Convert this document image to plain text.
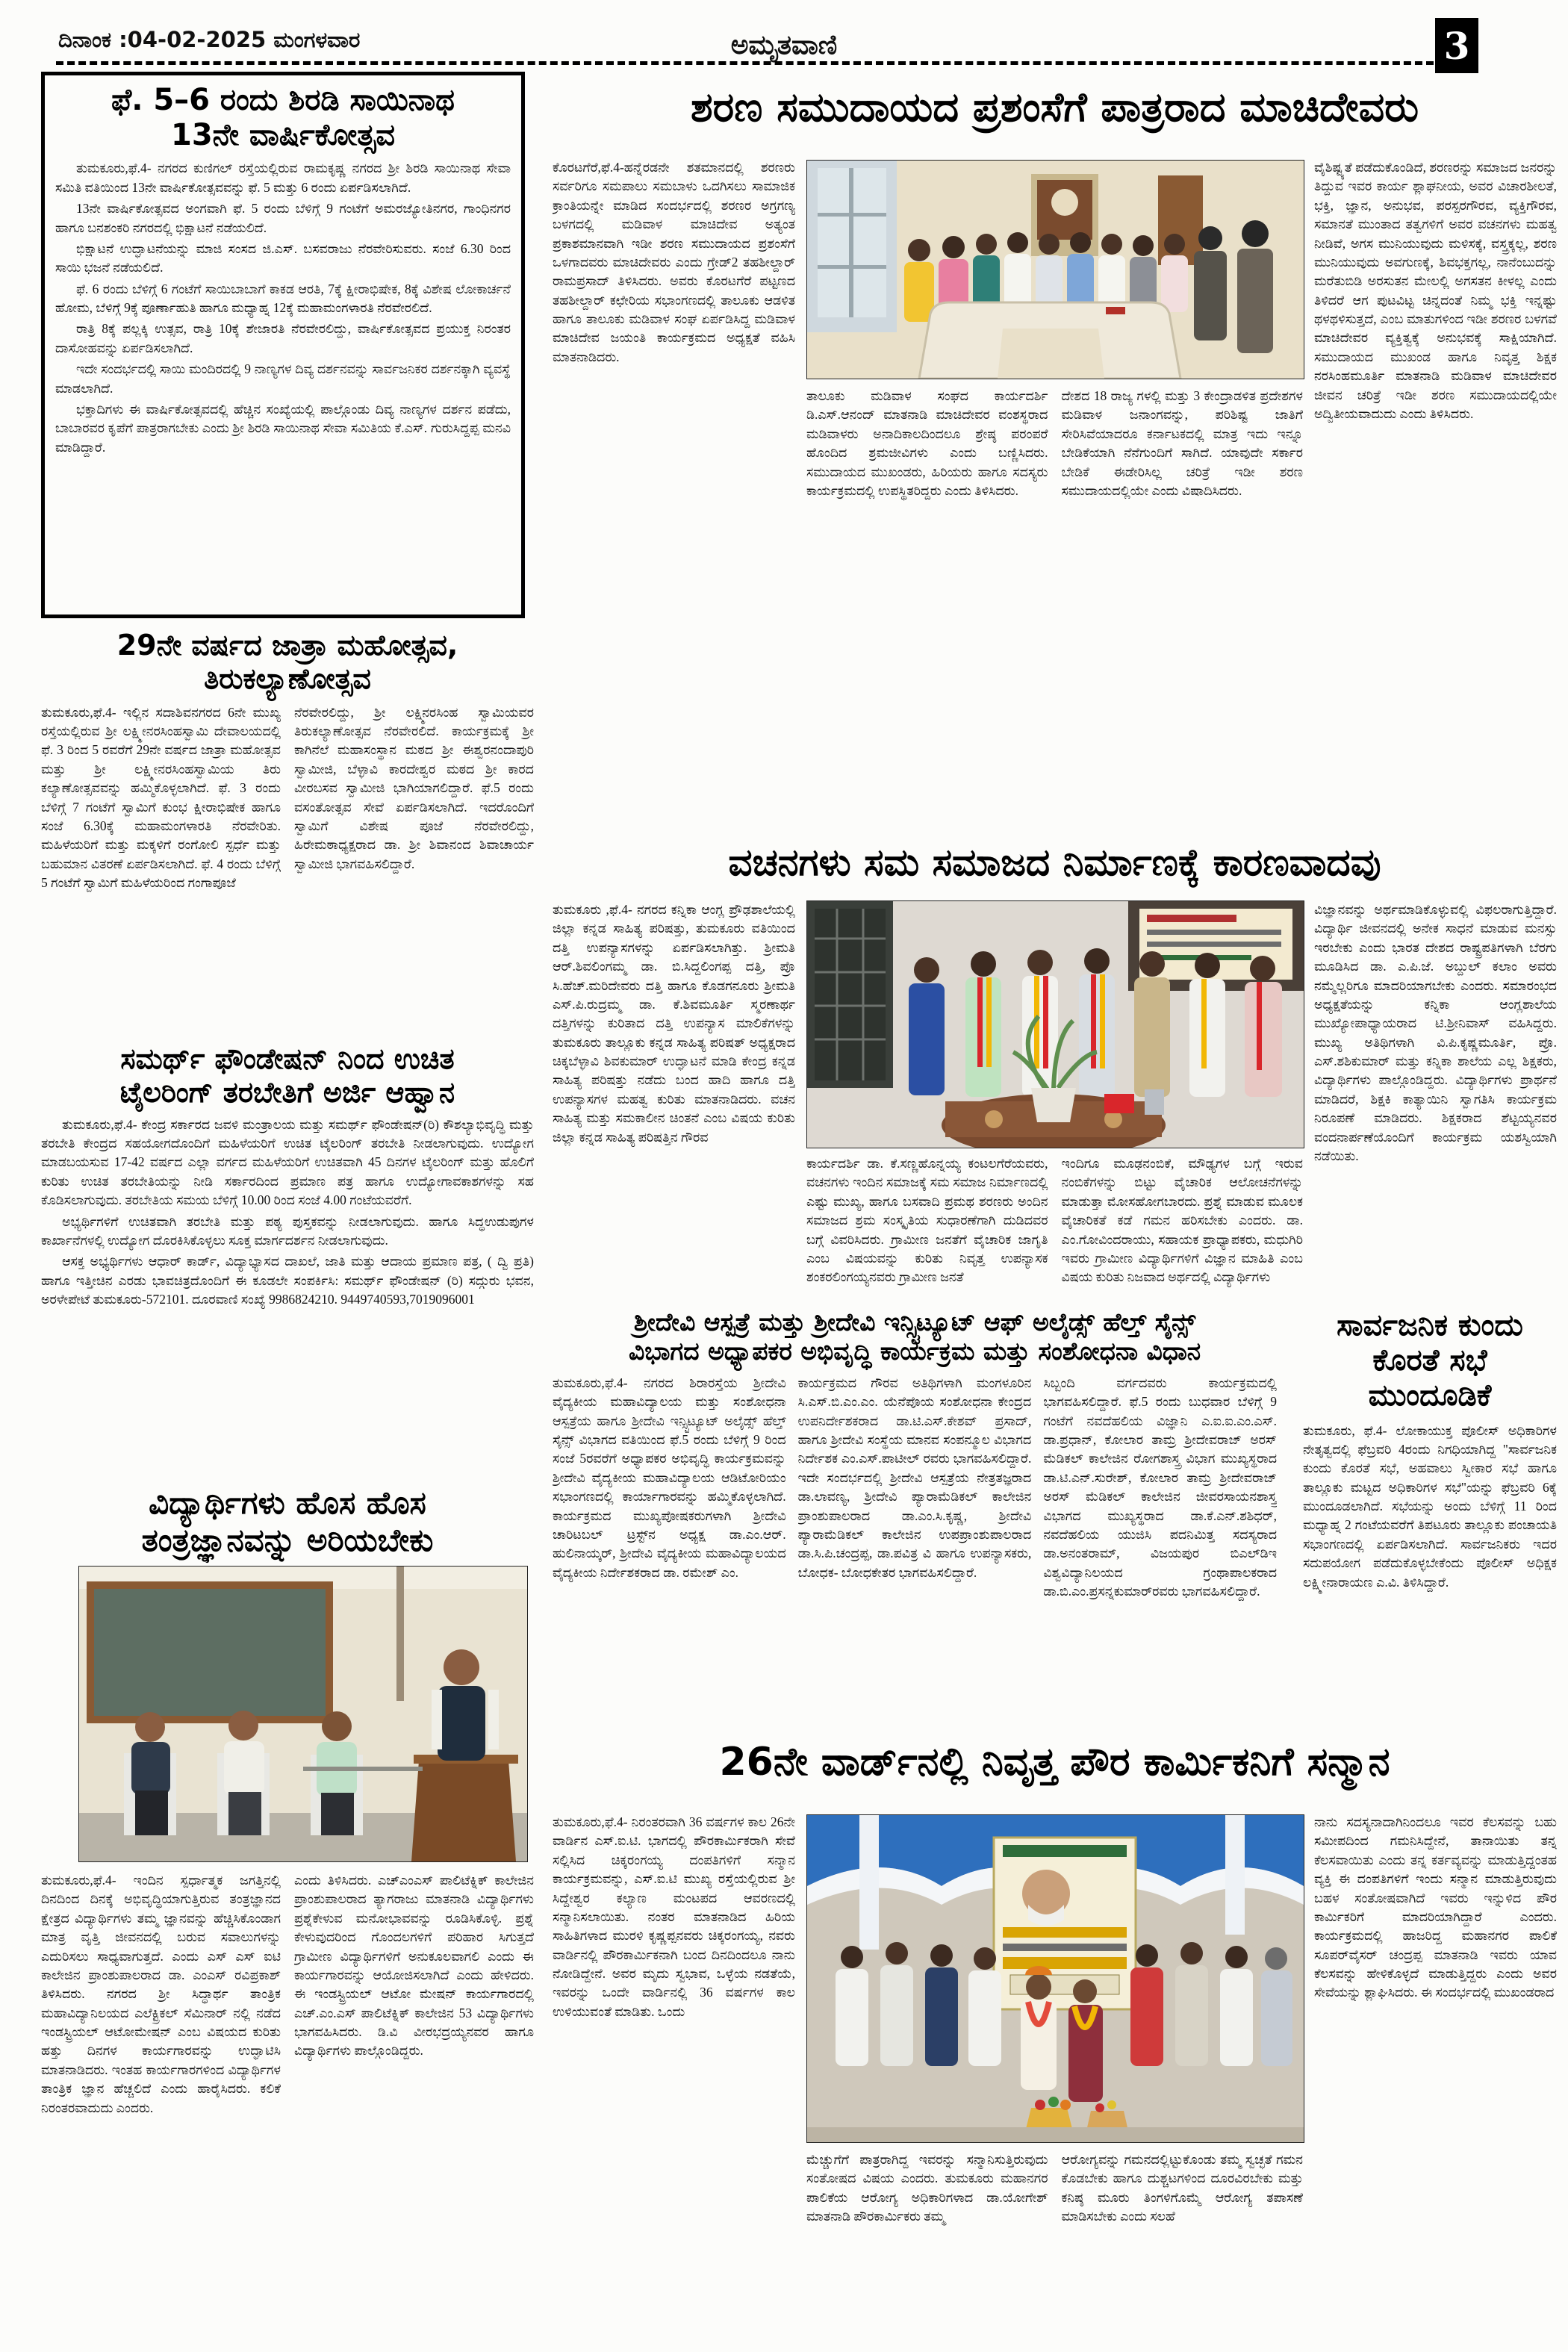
ದಿನಾಂಕ :04-02-2025 ಮಂಗಳವಾರ	ಅಮೃತವಾಣಿ	3
ಫೆ. 5–6 ರಂದು ಶಿರಡಿ ಸಾಯಿನಾಥ
13ನೇ ವಾರ್ಷಿಕೋತ್ಸವ

ತುಮಕೂರು,ಫೆ.4- ನಗರದ ಕುಣಿಗಲ್ ರಸ್ತೆಯಲ್ಲಿರುವ ರಾಮಕೃಷ್ಣ ನಗರದ ಶ್ರೀ ಶಿರಡಿ ಸಾಯಿನಾಥ ಸೇವಾ ಸಮಿತಿ ವತಿಯಿಂದ 13ನೇ ವಾರ್ಷಿಕೋತ್ಸವವನ್ನು ಫೆ. 5 ಮತ್ತು 6 ರಂದು ಏರ್ಪಡಿಸಲಾಗಿದೆ.

13ನೇ ವಾರ್ಷಿಕೋತ್ಸವದ ಅಂಗವಾಗಿ ಫೆ. 5 ರಂದು ಬೆಳಿಗ್ಗೆ 9 ಗಂಟೆಗೆ ಅಮರಜ್ಯೋತಿನಗರ, ಗಾಂಧಿನಗರ ಹಾಗೂ ಬನಶಂಕರಿ ನಗರದಲ್ಲಿ ಭಿಕ್ಷಾಟನೆ ನಡೆಯಲಿದೆ.

ಭಿಕ್ಷಾಟನೆ ಉದ್ಘಾಟನೆಯನ್ನು ಮಾಜಿ ಸಂಸದ ಜಿ.ಎಸ್. ಬಸವರಾಜು ನೆರವೇರಿಸುವರು. ಸಂಜೆ 6.30 ರಿಂದ ಸಾಯಿ ಭಜನೆ ನಡೆಯಲಿದೆ.

ಫೆ. 6 ರಂದು ಬೆಳಿಗ್ಗೆ 6 ಗಂಟೆಗೆ ಸಾಯಿಬಾಬಾಗೆ ಕಾಕಡ ಆರತಿ, 7ಕ್ಕೆ ಕ್ಷೀರಾಭಿಷೇಕ, 8ಕ್ಕೆ ವಿಶೇಷ ಲೋಕಾರ್ಚನೆ ಹೋಮ, ಬೆಳಿಗ್ಗೆ 9ಕ್ಕೆ ಪೂರ್ಣಾಹುತಿ ಹಾಗೂ ಮಧ್ಯಾಹ್ನ 12ಕ್ಕೆ ಮಹಾಮಂಗಳಾರತಿ ನೆರವೇರಲಿದೆ.

ರಾತ್ರಿ 8ಕ್ಕೆ ಪಲ್ಲಕ್ಕಿ ಉತ್ಸವ, ರಾತ್ರಿ 10ಕ್ಕೆ ಶೇಜಾರತಿ ನೆರವೇರಲಿದ್ದು, ವಾರ್ಷಿಕೋತ್ಸವದ ಪ್ರಯುಕ್ತ ನಿರಂತರ ದಾಸೋಹವನ್ನು ಏರ್ಪಡಿಸಲಾಗಿದೆ.

ಇದೇ ಸಂದರ್ಭದಲ್ಲಿ ಸಾಯಿ ಮಂದಿರದಲ್ಲಿ 9 ನಾಣ್ಯಗಳ ದಿವ್ಯ ದರ್ಶನವನ್ನು ಸಾರ್ವಜನಿಕರ ದರ್ಶನಕ್ಕಾಗಿ ವ್ಯವಸ್ಥೆ ಮಾಡಲಾಗಿದೆ.

ಭಕ್ತಾದಿಗಳು ಈ ವಾರ್ಷಿಕೋತ್ಸವದಲ್ಲಿ ಹೆಚ್ಚಿನ ಸಂಖ್ಯೆಯಲ್ಲಿ ಪಾಲ್ಗೊಂಡು ದಿವ್ಯ ನಾಣ್ಯಗಳ ದರ್ಶನ ಪಡೆದು, ಬಾಬಾರವರ ಕೃಪೆಗೆ ಪಾತ್ರರಾಗಬೇಕು ಎಂದು ಶ್ರೀ ಶಿರಡಿ ಸಾಯಿನಾಥ ಸೇವಾ ಸಮಿತಿಯ ಕೆ.ಎಸ್. ಗುರುಸಿದ್ದಪ್ಪ ಮನವಿ ಮಾಡಿದ್ದಾರೆ.

29ನೇ ವರ್ಷದ ಜಾತ್ರಾ ಮಹೋತ್ಸವ,
ತಿರುಕಲ್ಯಾಣೋತ್ಸವ
ತುಮಕೂರು,ಫೆ.4- ಇಲ್ಲಿನ ಸದಾಶಿವನಗರದ 6ನೇ ಮುಖ್ಯ ರಸ್ತೆಯಲ್ಲಿರುವ ಶ್ರೀ ಲಕ್ಷ್ಮೀನರಸಿಂಹಸ್ವಾಮಿ ದೇವಾಲಯದಲ್ಲಿ ಫೆ. 3 ರಿಂದ 5 ರವರೆಗೆ 29ನೇ ವರ್ಷದ ಜಾತ್ರಾ ಮಹೋತ್ಸವ ಮತ್ತು ಶ್ರೀ ಲಕ್ಷ್ಮೀನರಸಿಂಹಸ್ವಾಮಿಯ ತಿರು ಕಲ್ಯಾಣೋತ್ಸವವನ್ನು ಹಮ್ಮಿಕೊಳ್ಳಲಾಗಿದೆ. ಫೆ. 3 ರಂದು ಬೆಳಿಗ್ಗೆ 7 ಗಂಟೆಗೆ ಸ್ವಾಮಿಗೆ ಕುಂಭ ಕ್ಷೀರಾಭಿಷೇಕ ಹಾಗೂ ಸಂಜೆ 6.30ಕ್ಕೆ ಮಹಾಮಂಗಳಾರತಿ ನೆರವೇರಿತು. ಮಹಿಳೆಯರಿಗೆ ಮತ್ತು ಮಕ್ಕಳಿಗೆ ರಂಗೋಲಿ ಸ್ಪರ್ಧೆ ಮತ್ತು ಬಹುಮಾನ ವಿತರಣೆ ಏರ್ಪಡಿಸಲಾಗಿದೆ. ಫೆ. 4 ರಂದು ಬೆಳಿಗ್ಗೆ 5 ಗಂಟೆಗೆ ಸ್ವಾಮಿಗೆ ಮಹಿಳೆಯರಿಂದ ಗಂಗಾಪೂಜೆ
ನೆರವೇರಲಿದ್ದು, ಶ್ರೀ ಲಕ್ಷ್ಮಿನರಸಿಂಹ ಸ್ವಾಮಿಯವರ ತಿರುಕಲ್ಯಾಣೋತ್ಸವ ನೆರವೇರಲಿದೆ. ಕಾರ್ಯಕ್ರಮಕ್ಕೆ ಶ್ರೀ ಕಾಗಿನೆಲೆ ಮಹಾಸಂಸ್ಥಾನ ಮಠದ ಶ್ರೀ ಈಶ್ವರನಂದಾಪುರಿ ಸ್ವಾಮೀಜಿ, ಬೆಳ್ಳಾವಿ ಕಾರದೇಶ್ವರ ಮಠದ ಶ್ರೀ ಕಾರದ ವೀರಬಸವ ಸ್ವಾಮೀಜಿ ಭಾಗಿಯಾಗಲಿದ್ದಾರೆ. ಫೆ.5 ರಂದು ವಸಂತೋತ್ಸವ ಸೇವೆ ಏರ್ಪಡಿಸಲಾಗಿದೆ. ಇದರೊಂದಿಗೆ ಸ್ವಾಮಿಗೆ ವಿಶೇಷ ಪೂಜೆ ನೆರವೇರಲಿದ್ದು, ಹಿರೇಮಠಾಧ್ಯಕ್ಷರಾದ ಡಾ. ಶ್ರೀ ಶಿವಾನಂದ ಶಿವಾಚಾರ್ಯ ಸ್ವಾಮೀಜಿ ಭಾಗವಹಿಸಲಿದ್ದಾರೆ.
ಸಮರ್ಥ್ ಫೌಂಡೇಷನ್ ನಿಂದ ಉಚಿತ
ಟೈಲರಿಂಗ್ ತರಬೇತಿಗೆ ಅರ್ಜಿ ಆಹ್ವಾನ

ತುಮಕೂರು,ಫೆ.4- ಕೇಂದ್ರ ಸರ್ಕಾರದ ಜವಳಿ ಮಂತ್ರಾಲಯ ಮತ್ತು ಸಮರ್ಥ್ ಫೌಂಡೇಷನ್(ರಿ) ಕೌಶಲ್ಯಾಭಿವೃದ್ಧಿ ಮತ್ತು ತರಬೇತಿ ಕೇಂದ್ರದ ಸಹಯೋಗದೊಂದಿಗೆ ಮಹಿಳೆಯರಿಗೆ ಉಚಿತ ಟೈಲರಿಂಗ್ ತರಬೇತಿ ನೀಡಲಾಗುವುದು. ಉದ್ಯೋಗ ಮಾಡಬಯಸುವ 17-42 ವರ್ಷದ ಎಲ್ಲಾ ವರ್ಗದ ಮಹಿಳೆಯರಿಗೆ ಉಚಿತವಾಗಿ 45 ದಿನಗಳ ಟೈಲರಿಂಗ್ ಮತ್ತು ಹೊಲಿಗೆ ಕುರಿತು ಉಚಿತ ತರಬೇತಿಯನ್ನು ನೀಡಿ ಸರ್ಕಾರದಿಂದ ಪ್ರಮಾಣ ಪತ್ರ ಹಾಗೂ ಉದ್ಯೋಗಾವಕಾಶಗಳನ್ನು ಸಹ ಕೊಡಿಸಲಾಗುವುದು. ತರಬೇತಿಯ ಸಮಯ ಬೆಳಿಗ್ಗೆ 10.00 ರಿಂದ ಸಂಜೆ 4.00 ಗಂಟೆಯವರೆಗೆ.

ಅಭ್ಯರ್ಥಿಗಳಿಗೆ ಉಚಿತವಾಗಿ ತರಬೇತಿ ಮತ್ತು ಪಠ್ಯ ಪುಸ್ತಕವನ್ನು ನೀಡಲಾಗುವುದು. ಹಾಗೂ ಸಿದ್ಧಉಡುಪುಗಳ ಕಾರ್ಖಾನೆಗಳಲ್ಲಿ ಉದ್ಯೋಗ ದೊರಕಿಸಿಕೊಳ್ಳಲು ಸೂಕ್ತ ಮಾರ್ಗದರ್ಶನ ನೀಡಲಾಗುವುದು.

ಆಸಕ್ತ ಅಭ್ಯರ್ಥಿಗಳು ಆಧಾರ್ ಕಾರ್ಡ್, ವಿದ್ಯಾಭ್ಯಾಸದ ದಾಖಲೆ, ಜಾತಿ ಮತ್ತು ಆದಾಯ ಪ್ರಮಾಣ ಪತ್ರ, ( ದ್ವಿ ಪ್ರತಿ) ಹಾಗೂ ಇತ್ತೀಚಿನ ಎರಡು ಭಾವಚಿತ್ರದೊಂದಿಗೆ ಈ ಕೂಡಲೇ ಸಂಪರ್ಕಿಸಿ: ಸಮರ್ಥ್ ಫೌಂಡೇಷನ್ (ರಿ) ಸದ್ಗುರು ಭವನ, ಅರಳೇಪೇಟೆ ತುಮಕೂರು-572101. ದೂರವಾಣಿ ಸಂಖ್ಯೆ 9986824210. 9449740593,7019096001

ವಿದ್ಯಾರ್ಥಿಗಳು ಹೊಸ ಹೊಸ
ತಂತ್ರಜ್ಞಾನವನ್ನು ಅರಿಯಬೇಕು
ತುಮಕೂರು,ಫೆ.4- ಇಂದಿನ ಸ್ಪರ್ಧಾತ್ಮಕ ಜಗತ್ತಿನಲ್ಲಿ ದಿನದಿಂದ ದಿನಕ್ಕೆ ಅಭಿವೃದ್ಧಿಯಾಗುತ್ತಿರುವ ತಂತ್ರಜ್ಞಾನದ ಕ್ಷೇತ್ರದ ವಿದ್ಯಾರ್ಥಿಗಳು ತಮ್ಮ ಜ್ಞಾನವನ್ನು ಹೆಚ್ಚಿಸಿಕೊಂಡಾಗ ಮಾತ್ರ ವೃತ್ತಿ ಜೀವನದಲ್ಲಿ ಬರುವ ಸವಾಲುಗಳನ್ನು ಎದುರಿಸಲು ಸಾಧ್ಯವಾಗುತ್ತದೆ. ಎಂದು ಎಸ್ ಎಸ್ ಐಟಿ ಕಾಲೇಜಿನ ಪ್ರಾಂಶುಪಾಲರಾದ ಡಾ. ಎಂಎಸ್ ರವಿಪ್ರಕಾಶ್ ತಿಳಿಸಿದರು. ನಗರದ ಶ್ರೀ ಸಿದ್ಧಾರ್ಥ ತಾಂತ್ರಿಕ ಮಹಾವಿದ್ಯಾನಿಲಯದ ಎಲೆಕ್ಟ್ರಿಕಲ್ ಸೆಮಿನಾರ್ ನಲ್ಲಿ ನಡೆದ ಇಂಡಸ್ಟ್ರಿಯಲ್ ಆಟೋಮೇಷನ್ ಎಂಬ ವಿಷಯದ ಕುರಿತು ಹತ್ತು ದಿನಗಳ ಕಾರ್ಯಗಾರವನ್ನು ಉದ್ಘಾಟಿಸಿ ಮಾತನಾಡಿದರು. ಇಂತಹ ಕಾರ್ಯಗಾರಗಳಿಂದ ವಿದ್ಯಾರ್ಥಿಗಳ ತಾಂತ್ರಿಕ ಜ್ಞಾನ ಹೆಚ್ಚಲಿದೆ ಎಂದು ಹಾರೈಸಿದರು. ಕಲಿಕೆ ನಿರಂತರವಾದುದು ಎಂದರು.
ಎಂದು ತಿಳಿಸಿದರು. ಎಚ್‌ಎಂಎಸ್ ಪಾಲಿಟೆಕ್ನಿಕ್ ಕಾಲೇಜಿನ ಪ್ರಾಂಶುಪಾಲರಾದ ತ್ಯಾಗರಾಜು ಮಾತನಾಡಿ ವಿದ್ಯಾರ್ಥಿಗಳು ಪ್ರಶ್ನೆಕೇಳುವ ಮನೋಭಾವವನ್ನು ರೂಡಿಸಿಕೊಳ್ಳಿ. ಪ್ರಶ್ನೆ ಕೇಳುವುದರಿಂದ ಗೊಂದಲಗಳಿಗೆ ಪರಿಹಾರ ಸಿಗುತ್ತದೆ ಗ್ರಾಮೀಣ ವಿದ್ಯಾರ್ಥಿಗಳಿಗೆ ಅನುಕೂಲವಾಗಲಿ ಎಂದು ಈ ಕಾರ್ಯಗಾರವನ್ನು ಆಯೋಜಿಸಲಾಗಿದೆ ಎಂದು ಹೇಳಿದರು. ಈ ಇಂಡಸ್ಟ್ರಿಯಲ್ ಆಟೋ ಮೇಷನ್ ಕಾರ್ಯಗಾರದಲ್ಲಿ ಎಚ್.ಎಂ.ಎಸ್ ಪಾಲಿಟೆಕ್ನಿಕ್ ಕಾಲೇಜಿನ 53 ವಿದ್ಯಾರ್ಥಿಗಳು ಭಾಗವಹಿಸಿದರು. ಡಿ.ವಿ ವೀರಭದ್ರಯ್ಯನವರ ಹಾಗೂ ವಿದ್ಯಾರ್ಥಿಗಳು ಪಾಲ್ಗೊಂಡಿದ್ದರು.
ಶರಣ ಸಮುದಾಯದ ಪ್ರಶಂಸೆಗೆ ಪಾತ್ರರಾದ ಮಾಚಿದೇವರು
ಕೊರಟಗೆರೆ,ಫೆ.4-ಹನ್ನೆರಡನೇ ಶತಮಾನದಲ್ಲಿ ಶರಣರು ಸರ್ವರಿಗೂ ಸಮಪಾಲು ಸಮಬಾಳು ಒದಗಿಸಲು ಸಾಮಾಜಿಕ ಕ್ರಾಂತಿಯನ್ನೇ ಮಾಡಿದ ಸಂದರ್ಭದಲ್ಲಿ ಶರಣರ ಅಗ್ರಗಣ್ಯ ಬಳಗದಲ್ಲಿ ಮಡಿವಾಳ ಮಾಚಿದೇವ ಅತ್ಯಂತ ಪ್ರಕಾಶಮಾನವಾಗಿ ಇಡೀ ಶರಣ ಸಮುದಾಯದ ಪ್ರಶಂಸೆಗೆ ಒಳಗಾದವರು ಮಾಚಿದೇವರು ಎಂದು ಗ್ರೇಡ್2 ತಹಶೀಲ್ದಾರ್ ರಾಮಪ್ರಸಾದ್ ತಿಳಿಸಿದರು. ಅವರು ಕೊರಟಗೆರೆ ಪಟ್ಟಣದ ತಹಶೀಲ್ದಾರ್ ಕಛೇರಿಯ ಸಭಾಂಗಣದಲ್ಲಿ ತಾಲೂಕು ಆಡಳಿತ ಹಾಗೂ ತಾಲೂಕು ಮಡಿವಾಳ ಸಂಘ ಏರ್ಪಡಿಸಿದ್ದ ಮಡಿವಾಳ ಮಾಚಿದೇವ ಜಯಂತಿ ಕಾರ್ಯಕ್ರಮದ ಅಧ್ಯಕ್ಷತೆ ವಹಿಸಿ ಮಾತನಾಡಿದರು.
ತಾಲೂಕು ಮಡಿವಾಳ ಸಂಘದ ಕಾರ್ಯದರ್ಶಿ ಡಿ.ಎಸ್.ಆನಂದ್ ಮಾತನಾಡಿ ಮಾಚಿದೇವರ ವಂಶಸ್ಥರಾದ ಮಡಿವಾಳರು ಅನಾದಿಕಾಲದಿಂದಲೂ ಶ್ರೇಷ್ಠ ಪರಂಪರೆ ಹೊಂದಿದ ಶ್ರಮಜೀವಿಗಳು ಎಂದು ಬಣ್ಣಿಸಿದರು. ಸಮುದಾಯದ ಮುಖಂಡರು, ಹಿರಿಯರು ಹಾಗೂ ಸದಸ್ಯರು ಕಾರ್ಯಕ್ರಮದಲ್ಲಿ ಉಪಸ್ಥಿತರಿದ್ದರು ಎಂದು ತಿಳಿಸಿದರು.
ದೇಶದ 18 ರಾಜ್ಯ ಗಳಲ್ಲಿ ಮತ್ತು 3 ಕೇಂದ್ರಾಡಳಿತ ಪ್ರದೇಶಗಳ ಮಡಿವಾಳ ಜನಾಂಗವನ್ನು, ಪರಿಶಿಷ್ಟ ಜಾತಿಗೆ ಸೇರಿಸಿವೆಯಾದರೂ ಕರ್ನಾಟಕದಲ್ಲಿ ಮಾತ್ರ ಇದು ಇನ್ನೂ ಬೇಡಿಕೆಯಾಗಿ ನೆನೆಗುಂದಿಗೆ ಸಾಗಿದೆ. ಯಾವುದೇ ಸರ್ಕಾರ ಬೇಡಿಕೆ ಈಡೇರಿಸಿಲ್ಲ ಚರಿತ್ರೆ ಇಡೀ ಶರಣ ಸಮುದಾಯದಲ್ಲಿಯೇ ಎಂದು ವಿಷಾದಿಸಿದರು.
ವೈಶಿಷ್ಟ್ಯತೆ ಪಡೆದುಕೊಂಡಿದೆ, ಶರಣರನ್ನು ಸಮಾಜದ ಜನರನ್ನು ತಿದ್ದುವ ಇವರ ಕಾರ್ಯ ಶ್ಲಾಘನೀಯ, ಅವರ ವಿಚಾರಶೀಲತೆ, ಭಕ್ತಿ, ಜ್ಞಾನ, ಅನುಭವ, ಪರಸ್ಪರಗೌರವ, ವ್ಯಕ್ತಿಗೌರವ, ಸಮಾನತೆ ಮುಂತಾದ ತತ್ವಗಳಿಗೆ ಅವರ ವಚನಗಳು ಮಹತ್ವ ನೀಡಿವೆ, ಅಗಸ ಮುನಿಯುವುದು ಮಳಿಸಕ್ಕೆ, ವಸ್ತ್ರಕ್ಕಲ್ಲ, ಶರಣ ಮುನಿಯುವುದು ಅವಗುಣಕ್ಕೆ, ಶಿವಭಕ್ತಗಲ್ಲ, ನಾನೆಂಬುದನ್ನು ಮರೆತುಬಿಡಿ ಅರಸುತನ ಮೇಲಲ್ಲಿ ಅಗಸತನ ಕೀಳಲ್ಲ ಎಂದು ತಿಳಿದರೆ ಆಗ ಪುಟವಿಟ್ಟ ಚಿನ್ನದಂತೆ ನಿಮ್ಮ ಭಕ್ತಿ ಇನ್ನಷ್ಟು ಥಳಥಳಿಸುತ್ತದೆ, ಎಂಬ ಮಾತುಗಳಿಂದ ಇಡೀ ಶರಣರ ಬಳಗವೆ ಮಾಚಿದೇವರ ವ್ಯಕ್ತಿತ್ವಕ್ಕೆ ಅನುಭವಕ್ಕೆ ಸಾಕ್ಷಿಯಾಗಿದೆ. ಸಮುದಾಯದ ಮುಖಂಡ ಹಾಗೂ ನಿವೃತ್ತ ಶಿಕ್ಷಕ ನರಸಿಂಹಮೂರ್ತಿ ಮಾತನಾಡಿ ಮಡಿವಾಳ ಮಾಚಿದೇವರ ಜೀವನ ಚರಿತ್ರೆ ಇಡೀ ಶರಣ ಸಮುದಾಯದಲ್ಲಿಯೇ ಅದ್ವಿತೀಯವಾದುದು ಎಂದು ತಿಳಿಸಿದರು.
ವಚನಗಳು ಸಮ ಸಮಾಜದ ನಿರ್ಮಾಣಕ್ಕೆ ಕಾರಣವಾದವು
ತುಮಕೂರು ,ಫೆ.4- ನಗರದ ಕನ್ನಿಕಾ ಆಂಗ್ಲ ಪ್ರೌಢಶಾಲೆಯಲ್ಲಿ ಜಿಲ್ಲಾ ಕನ್ನಡ ಸಾಹಿತ್ಯ ಪರಿಷತ್ತು, ತುಮಕೂರು ವತಿಯಿಂದ ದತ್ತಿ ಉಪನ್ಯಾಸಗಳನ್ನು ಏರ್ಪಡಿಸಲಾಗಿತ್ತು. ಶ್ರೀಮತಿ ಆರ್.ಶಿವಲಿಂಗಮ್ಮ ಡಾ. ಬಿ.ಸಿದ್ದಲಿಂಗಪ್ಪ ದತ್ತಿ, ಪ್ರೊ ಸಿ.ಹೆಚ್.ಮರಿದೇವರು ದತ್ತಿ ಹಾಗೂ ಕೊಡಗನೂರು ಶ್ರೀಮತಿ ಎಸ್.ಪಿ.ರುದ್ರಮ್ಮ ಡಾ. ಕೆ.ಶಿವಮೂರ್ತಿ ಸ್ಮರಣಾರ್ಥ ದತ್ತಿಗಳನ್ನು ಕುರಿತಾದ ದತ್ತಿ ಉಪನ್ಯಾಸ ಮಾಲಿಕೆಗಳನ್ನು ತುಮಕೂರು ತಾಲ್ಲೂಕು ಕನ್ನಡ ಸಾಹಿತ್ಯ ಪರಿಷತ್ ಅಧ್ಯಕ್ಷರಾದ ಚಿಕ್ಕಬೆಳ್ಳಾವಿ ಶಿವಕುಮಾರ್ ಉದ್ಘಾಟನೆ ಮಾಡಿ ಕೇಂದ್ರ ಕನ್ನಡ ಸಾಹಿತ್ಯ ಪರಿಷತ್ತು ನಡೆದು ಬಂದ ಹಾದಿ ಹಾಗೂ ದತ್ತಿ ಉಪನ್ಯಾಸಗಳ ಮಹತ್ವ ಕುರಿತು ಮಾತನಾಡಿದರು. ವಚನ ಸಾಹಿತ್ಯ ಮತ್ತು ಸಮಕಾಲೀನ ಚಿಂತನೆ ಎಂಬ ವಿಷಯ ಕುರಿತು ಜಿಲ್ಲಾ ಕನ್ನಡ ಸಾಹಿತ್ಯ ಪರಿಷತ್ತಿನ ಗೌರವ
ಕಾರ್ಯದರ್ಶಿ ಡಾ. ಕೆ.ಸಣ್ಣಹೊನ್ನಯ್ಯ ಕಂಟಲಗೆರೆಯವರು, ವಚನಗಳು ಇಂದಿನ ಸಮಾಜಕ್ಕೆ ಸಮ ಸಮಾಜ ನಿರ್ಮಾಣದಲ್ಲಿ ಎಷ್ಟು ಮುಖ್ಯ, ಹಾಗೂ ಬಸವಾದಿ ಪ್ರಮಥ ಶರಣರು ಅಂದಿನ ಸಮಾಜದ ಶ್ರಮ ಸಂಸ್ಕೃತಿಯ ಸುಧಾರಣೆಗಾಗಿ ದುಡಿದವರ ಬಗ್ಗೆ ವಿವರಿಸಿದರು. ಗ್ರಾಮೀಣ ಜನತೆಗೆ ವೈಚಾರಿಕ ಜಾಗೃತಿ ಎಂಬ ವಿಷಯವನ್ನು ಕುರಿತು ನಿವೃತ್ತ ಉಪನ್ಯಾಸಕ ಶಂಕರಲಿಂಗಯ್ಯನವರು ಗ್ರಾಮೀಣ ಜನತೆ
ಇಂದಿಗೂ ಮೂಢನಂಬಿಕೆ, ಮೌಢ್ಯಗಳ ಬಗ್ಗೆ ಇರುವ ನಂಬಿಕೆಗಳನ್ನು ಬಿಟ್ಟು ವೈಚಾರಿಕ ಆಲೋಚನೆಗಳನ್ನು ಮಾಡುತ್ತಾ ಮೋಸಹೋಗಬಾರದು. ಪ್ರಶ್ನೆ ಮಾಡುವ ಮೂಲಕ ವೈಚಾರಿಕತೆ ಕಡೆ ಗಮನ ಹರಿಸಬೇಕು ಎಂದರು. ಡಾ. ಎಂ.ಗೋವಿಂದರಾಯು, ಸಹಾಯಕ ಪ್ರಾಧ್ಯಾಪಕರು, ಮಧುಗಿರಿ ಇವರು ಗ್ರಾಮೀಣ ವಿದ್ಯಾರ್ಥಿಗಳಿಗೆ ವಿಜ್ಞಾನ ಮಾಹಿತಿ ಎಂಬ ವಿಷಯ ಕುರಿತು ನಿಜವಾದ ಅರ್ಥದಲ್ಲಿ ವಿದ್ಯಾರ್ಥಿಗಳು
ವಿಜ್ಞಾನವನ್ನು ಅರ್ಥಮಾಡಿಕೊಳ್ಳುವಲ್ಲಿ ವಿಫಲರಾಗುತ್ತಿದ್ದಾರೆ. ವಿದ್ಯಾರ್ಥಿ ಜೀವನದಲ್ಲಿ ಅನೇಕ ಸಾಧನೆ ಮಾಡುವ ಮನಸ್ಸು ಇರಬೇಕು ಎಂದು ಭಾರತ ದೇಶದ ರಾಷ್ಟ್ರಪತಿಗಳಾಗಿ ಬೆರಗು ಮೂಡಿಸಿದ ಡಾ. ಎ.ಪಿ.ಜೆ. ಅಬ್ದುಲ್ ಕಲಾಂ ಅವರು ನಮ್ಮೆಲ್ಲರಿಗೂ ಮಾದರಿಯಾಗಬೇಕು ಎಂದರು. ಸಮಾರಂಭದ ಅಧ್ಯಕ್ಷತೆಯನ್ನು ಕನ್ನಿಕಾ ಆಂಗ್ಲಶಾಲೆಯ ಮುಖ್ಯೋಪಾಧ್ಯಾಯರಾದ ಟಿ.ಶ್ರೀನಿವಾಸ್ ವಹಿಸಿದ್ದರು. ಮುಖ್ಯ ಅತಿಥಿಗಳಾಗಿ ವಿ.ಪಿ.ಕೃಷ್ಣಮೂರ್ತಿ, ಪ್ರೊ. ಎಸ್.ಶಶಿಕುಮಾರ್ ಮತ್ತು ಕನ್ನಿಕಾ ಶಾಲೆಯ ಎಲ್ಲ ಶಿಕ್ಷಕರು, ವಿದ್ಯಾರ್ಥಿಗಳು ಪಾಲ್ಗೊಂಡಿದ್ದರು. ವಿದ್ಯಾರ್ಥಿಗಳು ಪ್ರಾರ್ಥನೆ ಮಾಡಿದರೆ, ಶಿಕ್ಷಕಿ ಕಾತ್ಯಾಯಿನಿ ಸ್ವಾಗತಿಸಿ ಕಾರ್ಯಕ್ರಮ ನಿರೂಪಣೆ ಮಾಡಿದರು. ಶಿಕ್ಷಕರಾದ ಶೆಟ್ಟಯ್ಯನವರ ವಂದನಾರ್ಪಣೆಯೊಂದಿಗೆ ಕಾರ್ಯಕ್ರಮ ಯಶಸ್ವಿಯಾಗಿ ನಡೆಯಿತು.
ಶ್ರೀದೇವಿ ಆಸ್ಪತ್ರೆ ಮತ್ತು ಶ್ರೀದೇವಿ ಇನ್ಸ್ಟಿಟ್ಯೂಟ್ ಆಫ್ ಅಲೈಡ್ಸ್ ಹೆಲ್ತ್ ಸೈನ್ಸ್
ವಿಭಾಗದ ಅಧ್ಯಾಪಕರ ಅಭಿವೃದ್ಧಿ ಕಾರ್ಯಕ್ರಮ ಮತ್ತು ಸಂಶೋಧನಾ ವಿಧಾನ
ತುಮಕೂರು,ಫೆ.4- ನಗರದ ಶಿರಾರಸ್ತೆಯ ಶ್ರೀದೇವಿ ವೈದ್ಯಕೀಯ ಮಹಾವಿದ್ಯಾಲಯ ಮತ್ತು ಸಂಶೋಧನಾ ಆಸ್ಪತ್ರೆಯ ಹಾಗೂ ಶ್ರೀದೇವಿ ಇನ್ಸ್ಟಿಟ್ಯೂಟ್ ಅಲೈಡ್ಸ್ ಹೆಲ್ತ್ ಸೈನ್ಸ್ ವಿಭಾಗದ ವತಿಯಿಂದ ಫೆ.5 ರಂದು ಬೆಳಿಗ್ಗೆ 9 ರಿಂದ ಸಂಜೆ 5ರವರೆಗೆ ಅಧ್ಯಾಪಕರ ಅಭಿವೃದ್ಧಿ ಕಾರ್ಯಕ್ರಮವನ್ನು ಶ್ರೀದೇವಿ ವೈದ್ಯಕೀಯ ಮಹಾವಿದ್ಯಾಲಯ ಆಡಿಟೋರಿಯಂ ಸಭಾಂಗಣದಲ್ಲಿ ಕಾರ್ಯಾಗಾರವನ್ನು ಹಮ್ಮಿಕೊಳ್ಳಲಾಗಿದೆ. ಕಾರ್ಯಕ್ರಮದ ಮುಖ್ಯಪೋಷಕರುಗಳಾಗಿ ಶ್ರೀದೇವಿ ಚಾರಿಟಬಲ್ ಟ್ರಸ್ಟ್‌ನ ಅಧ್ಯಕ್ಷ ಡಾ.ಎಂ.ಆರ್. ಹುಲಿನಾಯ್ಕರ್, ಶ್ರೀದೇವಿ ವೈದ್ಯಕೀಯ ಮಹಾವಿದ್ಯಾಲಯದ ವೈದ್ಯಕೀಯ ನಿರ್ದೇಶಕರಾದ ಡಾ. ರಮೇಶ್ ಎಂ.
ಕಾರ್ಯಕ್ರಮದ ಗೌರವ ಅತಿಥಿಗಳಾಗಿ ಮಂಗಳೂರಿನ ಸಿ.ಎಸ್.ಬಿ.ಎಂ.ಎಂ. ಯೆನೆಪೊಯ ಸಂಶೋಧನಾ ಕೇಂದ್ರದ ಉಪನಿರ್ದೇಶಕರಾದ ಡಾ.ಟಿ.ಎಸ್.ಕೇಶವ್ ಪ್ರಸಾದ್, ಹಾಗೂ ಶ್ರೀದೇವಿ ಸಂಸ್ಥೆಯ ಮಾನವ ಸಂಪನ್ಮೂಲ ವಿಭಾಗದ ನಿರ್ದೇಶಕ ಎಂ.ಎಸ್.ಪಾಟೀಲ್ ರವರು ಭಾಗವಹಿಸಲಿದ್ದಾರೆ. ಇದೇ ಸಂದರ್ಭದಲ್ಲಿ ಶ್ರೀದೇವಿ ಆಸ್ಪತ್ರೆಯ ನೇತ್ರತಜ್ಞರಾದ ಡಾ.ಲಾವಣ್ಯ, ಶ್ರೀದೇವಿ ಪ್ಯಾರಾಮೆಡಿಕಲ್ ಕಾಲೇಜಿನ ಪ್ರಾಂಶುಪಾಲರಾದ ಡಾ.ಎಂ.ಸಿ.ಕೃಷ್ಣ, ಶ್ರೀದೇವಿ ಪ್ಯಾರಾಮೆಡಿಕಲ್ ಕಾಲೇಜಿನ ಉಪಪ್ರಾಂಶುಪಾಲರಾದ ಡಾ.ಸಿ.ಪಿ.ಚಂದ್ರಪ್ಪ, ಡಾ.ಪವಿತ್ರ ವಿ ಹಾಗೂ ಉಪನ್ಯಾಸಕರು, ಬೋಧಕ- ಬೋಧಕೇತರ ಭಾಗವಹಿಸಲಿದ್ದಾರೆ.
ಸಿಬ್ಬಂದಿ ವರ್ಗದವರು ಕಾರ್ಯಕ್ರಮದಲ್ಲಿ ಭಾಗವಹಿಸಲಿದ್ದಾರೆ. ಫೆ.5 ರಂದು ಬುಧವಾರ ಬೆಳಿಗ್ಗೆ 9 ಗಂಟೆಗೆ ನವದೆಹಲಿಯ ವಿಜ್ಞಾನಿ ಎ.ಐ.ಐ.ಎಂ.ಎಸ್. ಡಾ.ಪ್ರಧಾನ್, ಕೋಲಾರ ತಾಮ್ರ ಶ್ರೀದೇವರಾಜ್ ಅರಸ್ ಮೆಡಿಕಲ್ ಕಾಲೇಜಿನ ರೋಗಶಾಸ್ತ್ರ ವಿಭಾಗ ಮುಖ್ಯಸ್ಥರಾದ ಡಾ.ಟಿ.ಎನ್.ಸುರೇಶ್, ಕೋಲಾರ ತಾಮ್ರ ಶ್ರೀದೇವರಾಜ್ ಅರಸ್ ಮೆಡಿಕಲ್ ಕಾಲೇಜಿನ ಜೀವರಸಾಯನಶಾಸ್ತ್ರ ವಿಭಾಗದ ಮುಖ್ಯಸ್ಥರಾದ ಡಾ.ಕೆ.ಎನ್.ಶಶಿಧರ್, ನವದೆಹಲಿಯ ಯುಜಿಸಿ ಪದನಿಮಿತ್ತ ಸದಸ್ಯರಾದ ಡಾ.ಅನಂತರಾಮ್, ವಿಜಯಪುರ ಬಿಎಲ್‌ಡಿಇ ವಿಶ್ವವಿದ್ಯಾನಿಲಯದ ಗ್ರಂಥಾಪಾಲಕರಾದ ಡಾ.ಬಿ.ಎಂ.ಪ್ರಸನ್ನಕುಮಾರ್‌ರವರು ಭಾಗವಹಿಸಲಿದ್ದಾರೆ.
ಸಾರ್ವಜನಿಕ ಕುಂದು
ಕೊರತೆ ಸಭೆ
ಮುಂದೂಡಿಕೆ
ತುಮಕೂರು, ಫೆ.4- ಲೋಕಾಯುಕ್ತ ಪೊಲೀಸ್ ಅಧಿಕಾರಿಗಳ ನೇತೃತ್ವದಲ್ಲಿ ಫೆಬ್ರವರಿ 4ರಂದು ನಿಗಧಿಯಾಗಿದ್ದ "ಸಾರ್ವಜನಿಕ ಕುಂದು ಕೊರತೆ ಸಭೆ, ಅಹವಾಲು ಸ್ವೀಕಾರ ಸಭೆ ಹಾಗೂ ತಾಲ್ಲೂಕು ಮಟ್ಟದ ಅಧಿಕಾರಿಗಳ ಸಭೆ"ಯನ್ನು ಫೆಬ್ರವರಿ 6ಕ್ಕೆ ಮುಂದೂಡಲಾಗಿದೆ. ಸಭೆಯನ್ನು ಅಂದು ಬೆಳಿಗ್ಗೆ 11 ರಿಂದ ಮಧ್ಯಾಹ್ನ 2 ಗಂಟೆಯವರೆಗೆ ತಿಪಟೂರು ತಾಲ್ಲೂಕು ಪಂಚಾಯತಿ ಸಭಾಂಗಣದಲ್ಲಿ ಏರ್ಪಡಿಸಲಾಗಿದೆ. ಸಾರ್ವಜನಿಕರು ಇದರ ಸದುಪಯೋಗ ಪಡೆದುಕೊಳ್ಳಬೇಕೆಂದು ಪೊಲೀಸ್ ಅಧಿಕ್ಷಕ ಲಕ್ಷ್ಮೀನಾರಾಯಣ ಎ.ವಿ. ತಿಳಿಸಿದ್ದಾರೆ.
26ನೇ ವಾರ್ಡ್‌ನಲ್ಲಿ ನಿವೃತ್ತ ಪೌರ ಕಾರ್ಮಿಕನಿಗೆ ಸನ್ಮಾನ
ತುಮಕೂರು,ಫೆ.4- ನಿರಂತರವಾಗಿ 36 ವರ್ಷಗಳ ಕಾಲ 26ನೇ ವಾರ್ಡಿನ ಎಸ್.ಐ.ಟಿ. ಭಾಗದಲ್ಲಿ ಪೌರಕಾರ್ಮಿಕರಾಗಿ ಸೇವೆ ಸಲ್ಲಿಸಿದ ಚಿಕ್ಕರಂಗಯ್ಯ ದಂಪತಿಗಳಿಗೆ ಸನ್ಮಾನ ಕಾರ್ಯಕ್ರಮವನ್ನು, ಎಸ್.ಐ.ಟಿ ಮುಖ್ಯ ರಸ್ತೆಯಲ್ಲಿರುವ ಶ್ರೀ ಸಿದ್ದೇಶ್ವರ ಕಲ್ಯಾಣ ಮಂಟಪದ ಆವರಣದಲ್ಲಿ ಸನ್ಮಾನಿಸಲಾಯಿತು. ನಂತರ ಮಾತನಾಡಿದ ಹಿರಿಯ ಸಾಹಿತಿಗಳಾದ ಮುರಳಿ ಕೃಷ್ಣಪ್ಪನವರು ಚಿಕ್ಕರಂಗಯ್ಯ, ನವರು ವಾರ್ಡಿನಲ್ಲಿ ಪೌರಕಾರ್ಮಿಕನಾಗಿ ಬಂದ ದಿನದಿಂದಲೂ ನಾನು ನೋಡಿದ್ದೇನೆ. ಅವರ ಮೃದು ಸ್ವಭಾವ, ಒಳ್ಳೆಯ ನಡತೆಯೆ, ಇವರನ್ನು ಒಂದೇ ವಾರ್ಡಿನಲ್ಲಿ 36 ವರ್ಷಗಳ ಕಾಲ ಉಳಿಯುವಂತೆ ಮಾಡಿತು. ಒಂದು
ಮೆಚ್ಚುಗೆಗೆ ಪಾತ್ರರಾಗಿದ್ದ ಇವರನ್ನು ಸನ್ಮಾನಿಸುತ್ತಿರುವುದು ಸಂತೋಷದ ವಿಷಯ ಎಂದರು. ತುಮಕೂರು ಮಹಾನಗರ ಪಾಲಿಕೆಯ ಆರೋಗ್ಯ ಅಧಿಕಾರಿಗಳಾದ ಡಾ.ಯೋಗೇಶ್ ಮಾತನಾಡಿ ಪೌರಕಾರ್ಮಿಕರು ತಮ್ಮ
ಆರೋಗ್ಯವನ್ನು ಗಮನದಲ್ಲಿಟ್ಟುಕೊಂಡು ತಮ್ಮ ಸ್ವಚ್ಛತೆ ಗಮನ ಕೊಡಬೇಕು ಹಾಗೂ ದುಶ್ಚಟಗಳಿಂದ ದೂರವಿರಬೇಕು ಮತ್ತು ಕನಿಷ್ಠ ಮೂರು ತಿಂಗಳಿಗೊಮ್ಮೆ ಆರೋಗ್ಯ ತಪಾಸಣೆ ಮಾಡಿಸಬೇಕು ಎಂದು ಸಲಹೆ
ನಾನು ಸದಸ್ಯನಾದಾಗಿನಿಂದಲೂ ಇವರ ಕೆಲಸವನ್ನು ಬಹು ಸಮೀಪದಿಂದ ಗಮನಿಸಿದ್ದೇನೆ, ತಾನಾಯಿತು ತನ್ನ ಕೆಲಸವಾಯಿತು ಎಂದು ತನ್ನ ಕರ್ತವ್ಯವನ್ನು ಮಾಡುತ್ತಿದ್ದಂತಹ ವ್ಯಕ್ತಿ ಈ ದಂಪತಿಗಳಿಗೆ ಇಂದು ಸನ್ಮಾನ ಮಾಡುತ್ತಿರುವುದು ಬಹಳ ಸಂತೋಷವಾಗಿದೆ ಇವರು ಇನ್ನುಳಿದ ಪೌರ ಕಾರ್ಮಿಕರಿಗೆ ಮಾದರಿಯಾಗಿದ್ದಾರೆ ಎಂದರು. ಕಾರ್ಯಕ್ರಮದಲ್ಲಿ ಹಾಜರಿದ್ದ ಮಹಾನಗರ ಪಾಲಿಕೆ ಸೂಪರ್‌ವೈಸರ್ ಚಂದ್ರಪ್ಪ ಮಾತನಾಡಿ ಇವರು ಯಾವ ಕೆಲಸವನ್ನು ಹೇಳಿಕೊಳ್ಳದೆ ಮಾಡುತ್ತಿದ್ದರು ಎಂದು ಅವರ ಸೇವೆಯನ್ನು ಶ್ಲಾಘಿಸಿದರು. ಈ ಸಂದರ್ಭದಲ್ಲಿ ಮುಖಂಡರಾದ
